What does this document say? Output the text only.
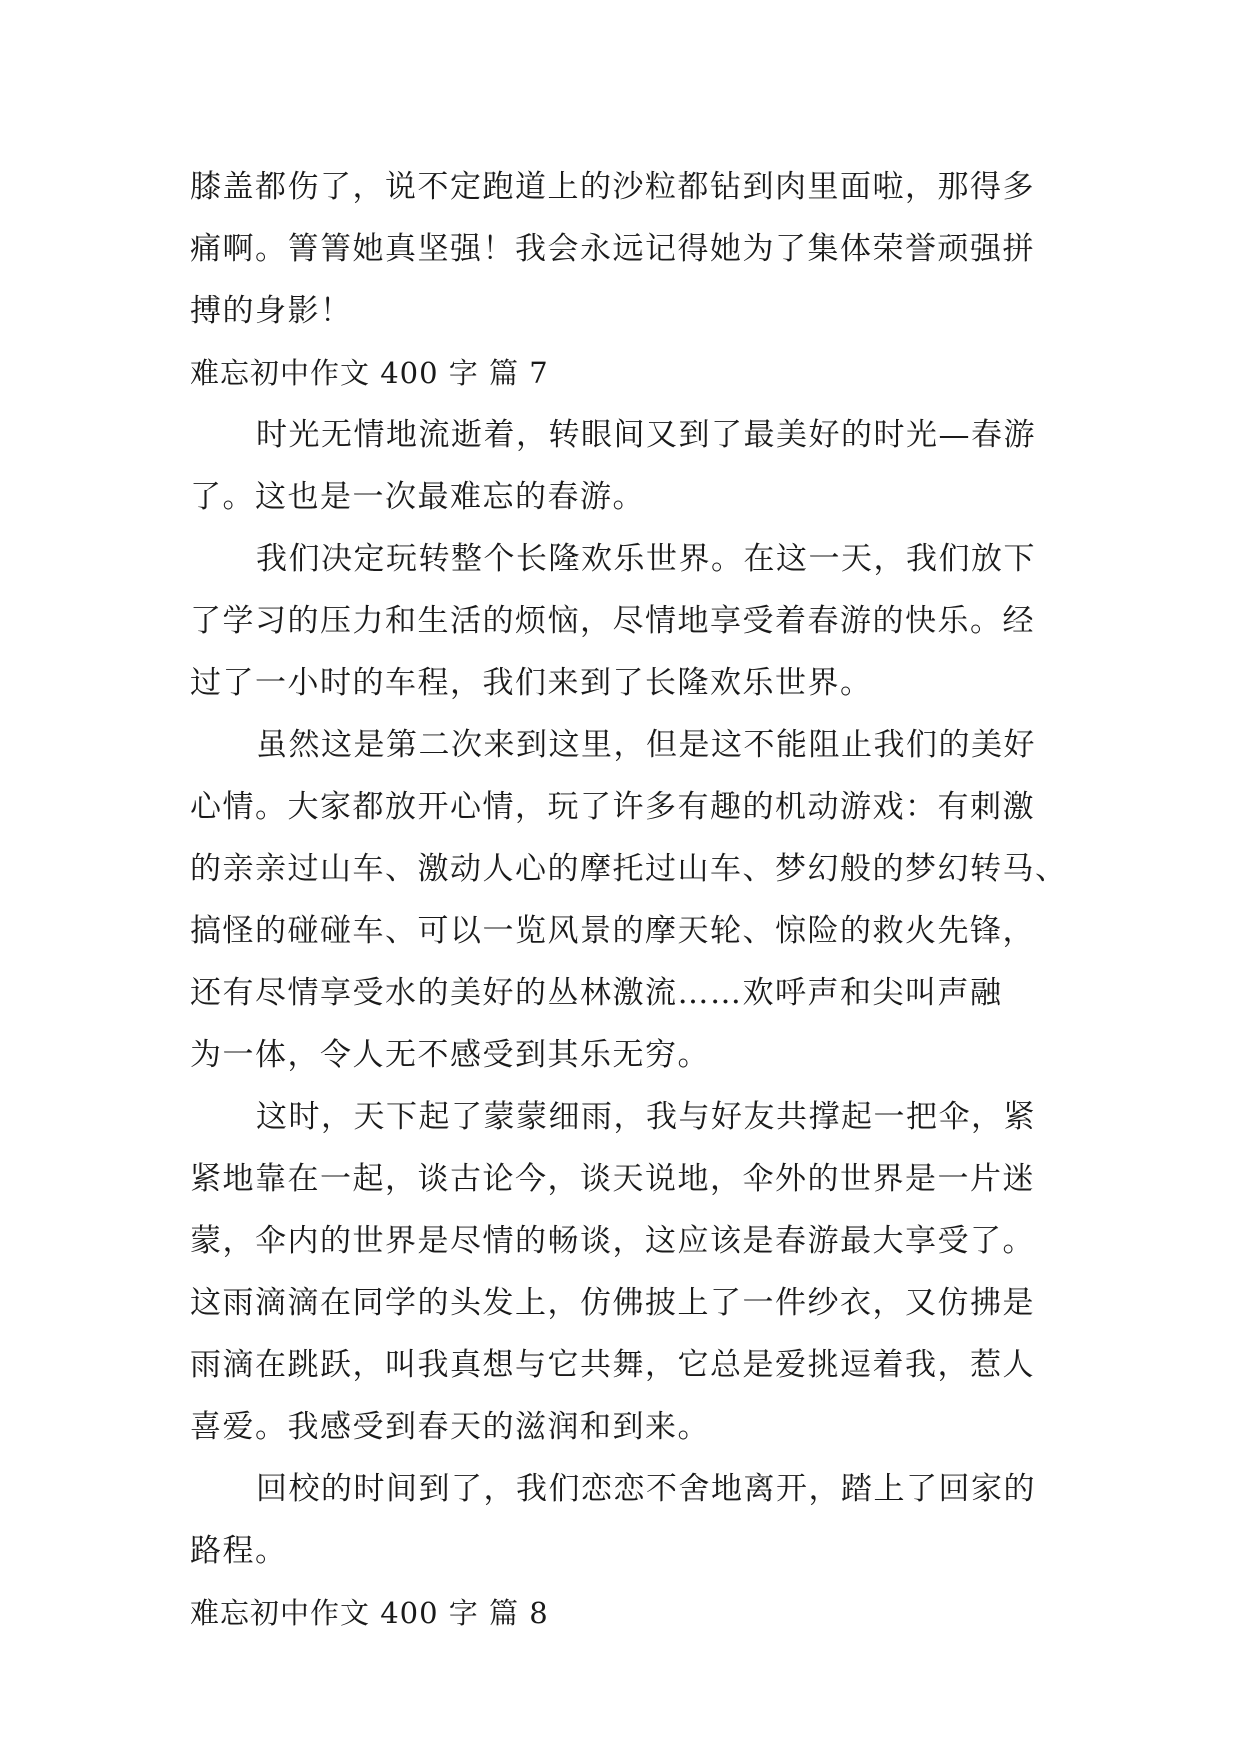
膝盖都伤了，说不定跑道上的沙粒都钻到肉里面啦，那得多
痛啊。箐箐她真坚强！我会永远记得她为了集体荣誉顽强拼
搏的身影！
难忘初中作文 400 字 篇 7
时光无情地流逝着，转眼间又到了最美好的时光—春游
了。这也是一次最难忘的春游。
我们决定玩转整个长隆欢乐世界。在这一天，我们放下
了学习的压力和生活的烦恼，尽情地享受着春游的快乐。经
过了一小时的车程，我们来到了长隆欢乐世界。
虽然这是第二次来到这里，但是这不能阻止我们的美好
心情。大家都放开心情，玩了许多有趣的机动游戏：有刺激
的亲亲过山车、激动人心的摩托过山车、梦幻般的梦幻转马、
搞怪的碰碰车、可以一览风景的摩天轮、惊险的救火先锋，
还有尽情享受水的美好的丛林激流……欢呼声和尖叫声融
为一体，令人无不感受到其乐无穷。
这时，天下起了蒙蒙细雨，我与好友共撑起一把伞，紧
紧地靠在一起，谈古论今，谈天说地，伞外的世界是一片迷
蒙，伞内的世界是尽情的畅谈，这应该是春游最大享受了。
这雨滴滴在同学的头发上，仿佛披上了一件纱衣，又仿拂是
雨滴在跳跃，叫我真想与它共舞，它总是爱挑逗着我，惹人
喜爱。我感受到春天的滋润和到来。
回校的时间到了，我们恋恋不舍地离开，踏上了回家的
路程。
难忘初中作文 400 字 篇 8
